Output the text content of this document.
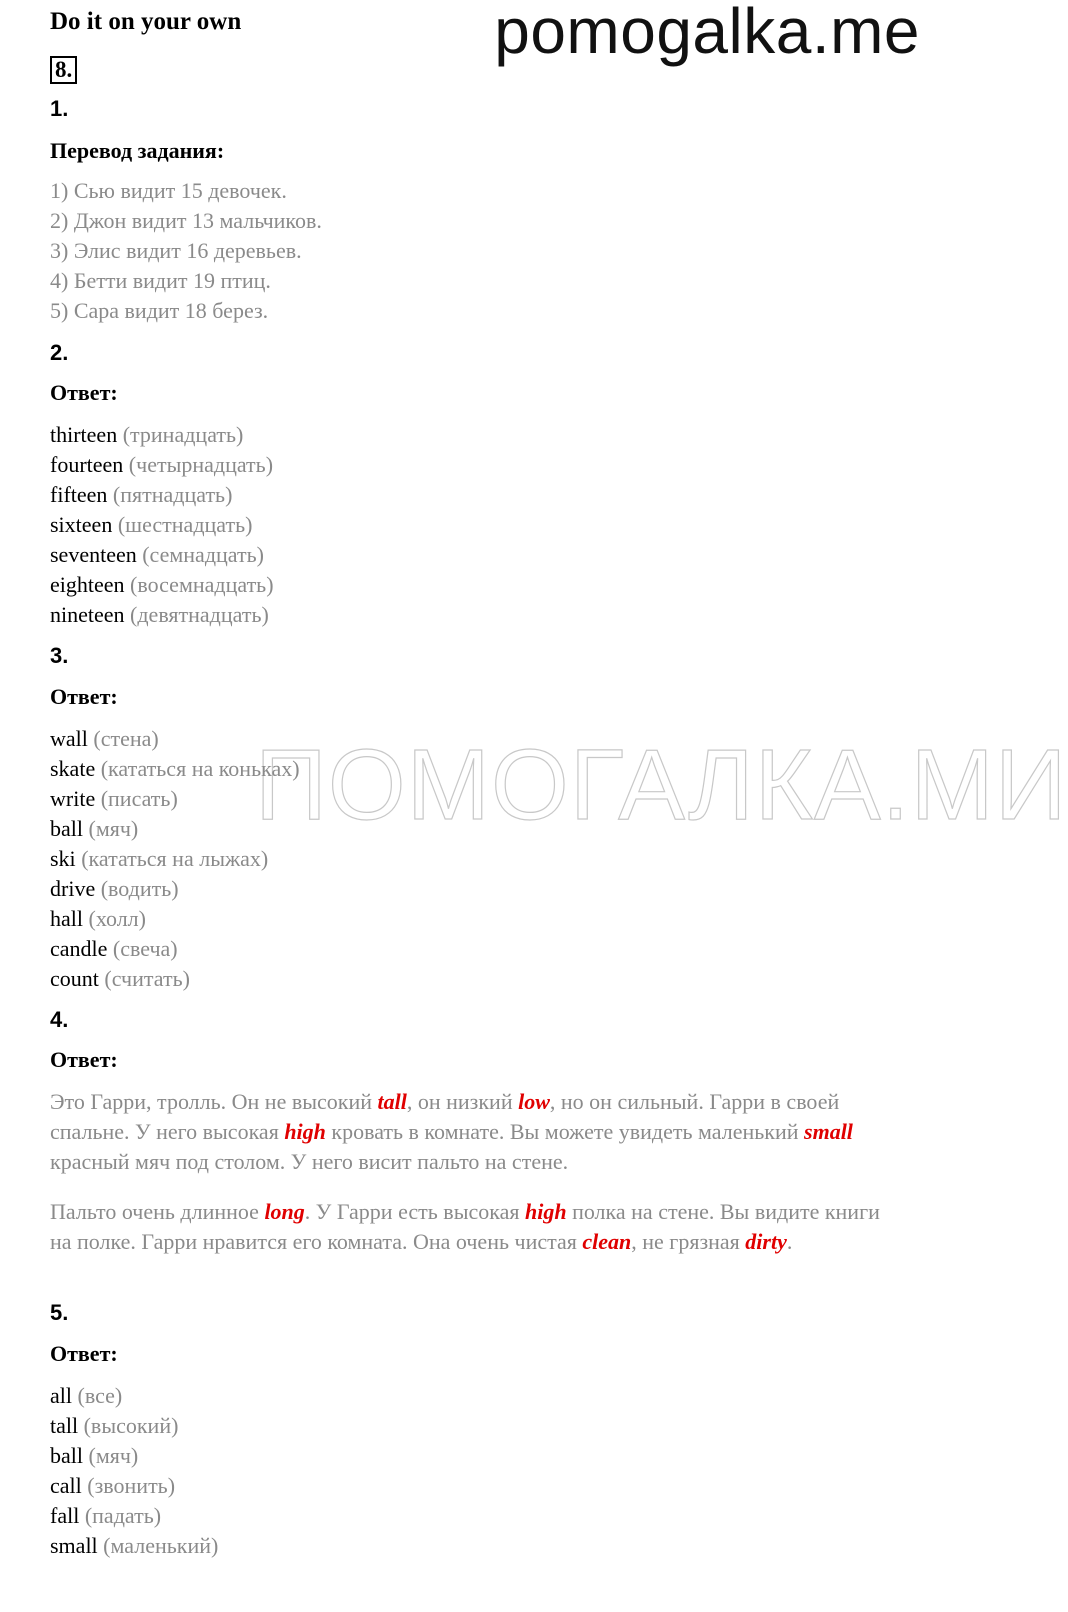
pomogalka.me
ПОМОГАЛКА.МИ
Do it on your own
8.
1.
Перевод задания:
1) Сью видит 15 девочек.
2) Джон видит 13 мальчиков.
3) Элис видит 16 деревьев.
4) Бетти видит 19 птиц.
5) Сара видит 18 берез.
2.
Ответ:
thirteen (тринадцать)
fourteen (четырнадцать)
fifteen (пятнадцать)
sixteen (шестнадцать)
seventeen (семнадцать)
eighteen (восемнадцать)
nineteen (девятнадцать)
3.
Ответ:
wall (стена)
skate (кататься на коньках)
write (писать)
ball (мяч)
ski (кататься на лыжах)
drive (водить)
hall (холл)
candle (свеча)
count (считать)
4.
Ответ:
Это Гарри, тролль. Он не высокий tall, он низкий low, но он сильный. Гарри в своей спальне. У него высокая high кровать в комнате. Вы можете увидеть маленький small красный мяч под столом. У него висит пальто на стене.
Пальто очень длинное long. У Гарри есть высокая high полка на стене. Вы видите книги на полке. Гарри нравится его комната. Она очень чистая clean, не грязная dirty.
5.
Ответ:
all (все)
tall (высокий)
ball (мяч)
call (звонить)
fall (падать)
small (маленький)
